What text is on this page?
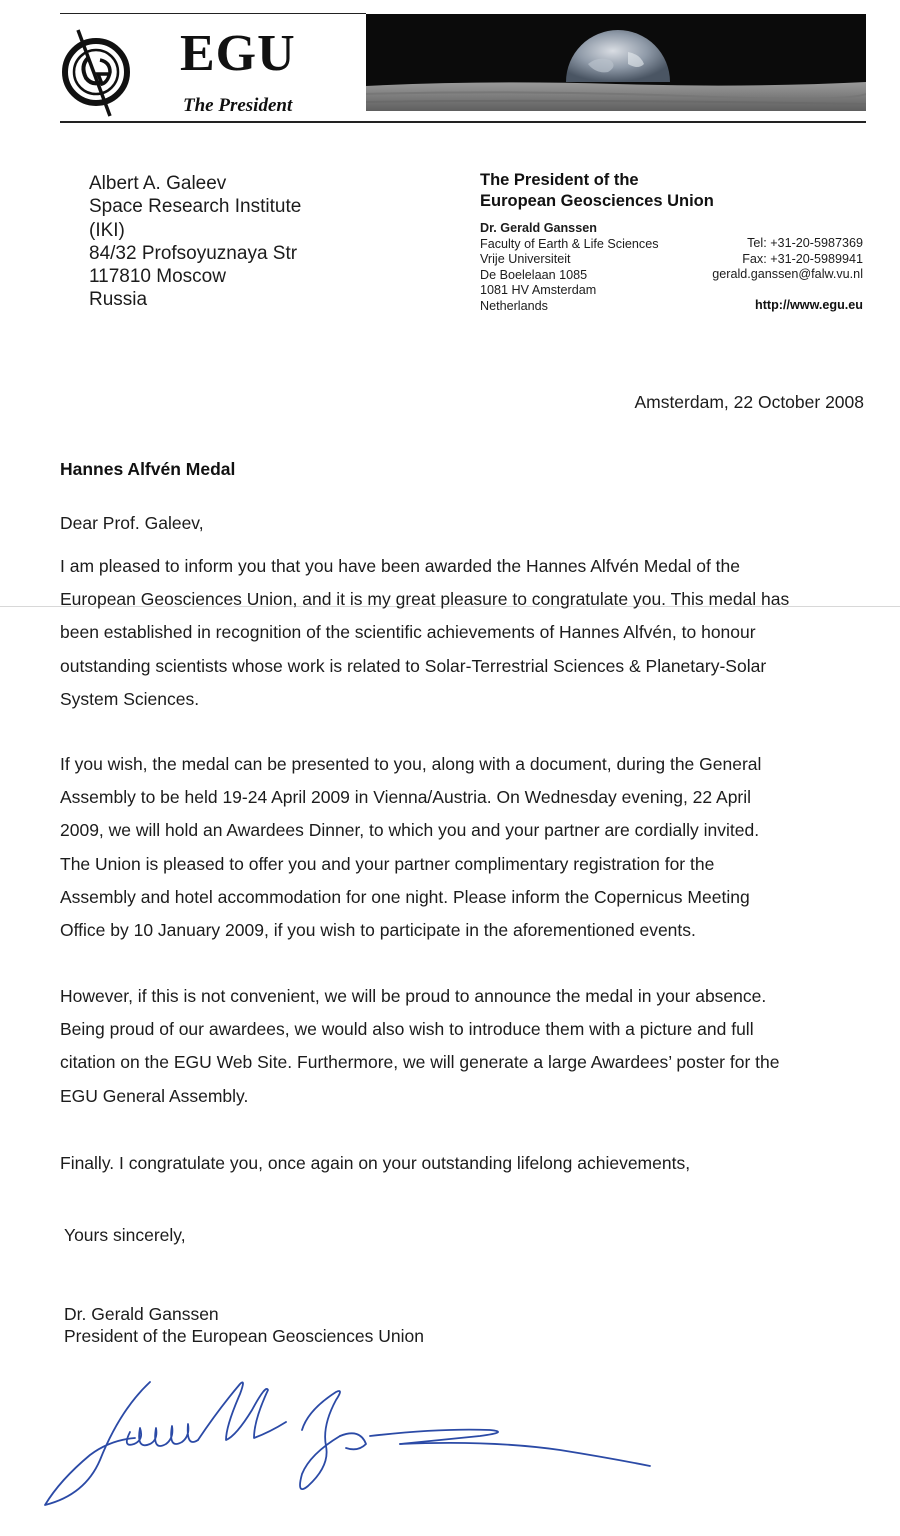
EGU
The President
Albert A. Galeev
Space Research Institute
(IKI)
84/32 Profsoyuznaya Str
117810 Moscow
Russia
The President of the
European Geosciences Union
Dr. Gerald Ganssen
Faculty of Earth & Life Sciences
Vrije Universiteit
De Boelelaan 1085
1081 HV Amsterdam
Netherlands
Tel: +31-20-5987369
Fax: +31-20-5989941
gerald.ganssen@falw.vu.nl
http://www.egu.eu
Amsterdam, 22 October 2008
Hannes Alfvén Medal
Dear Prof. Galeev,
I am pleased to inform you that you have been awarded the Hannes Alfvén Medal of the
European Geosciences Union, and it is my great pleasure to congratulate you. This medal has
been established in recognition of the scientific achievements of Hannes Alfvén, to honour
outstanding scientists whose work is related to Solar-Terrestrial Sciences & Planetary-Solar
System Sciences.
If you wish, the medal can be presented to you, along with a document, during the General
Assembly to be held 19-24 April 2009 in Vienna/Austria. On Wednesday evening, 22 April
2009, we will hold an Awardees Dinner, to which you and your partner are cordially invited.
The Union is pleased to offer you and your partner complimentary registration for the
Assembly and hotel accommodation for one night. Please inform the Copernicus Meeting
Office by 10 January 2009, if you wish to participate in the aforementioned events.
However, if this is not convenient, we will be proud to announce the medal in your absence.
Being proud of our awardees, we would also wish to introduce them with a picture and full
citation on the EGU Web Site. Furthermore, we will generate a large Awardees’ poster for the
EGU General Assembly.
Finally. I congratulate you, once again on your outstanding lifelong achievements,
Yours sincerely,
Dr. Gerald Ganssen
President of the European Geosciences Union
